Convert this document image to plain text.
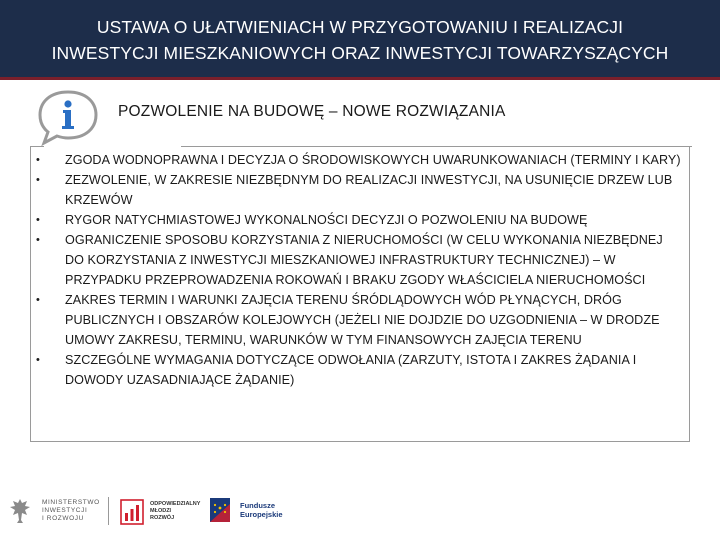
USTAWA O UŁATWIENIACH W PRZYGOTOWANIU I REALIZACJI
INWESTYCJI MIESZKANIOWYCH ORAZ INWESTYCJI TOWARZYSZĄCYCH
POZWOLENIE NA BUDOWĘ – NOWE ROZWIĄZANIA
• ZGODA WODNOPRAWNA I DECYZJA O ŚRODOWISKOWYCH UWARUNKOWANIACH (TERMINY I KARY)
• ZEZWOLENIE, W ZAKRESIE NIEZBĘDNYM DO REALIZACJI INWESTYCJI, NA USUNIĘCIE DRZEW LUB KRZEWÓW
• RYGOR NATYCHMIASTOWEJ WYKONALNOŚCI DECYZJI O POZWOLENIU NA BUDOWĘ
• OGRANICZENIE SPOSOBU KORZYSTANIA Z NIERUCHOMOŚCI (W CELU WYKONANIA NIEZBĘDNEJ DO KORZYSTANIA Z INWESTYCJI MIESZKANIOWEJ INFRASTRUKTURY TECHNICZNEJ) – W PRZYPADKU PRZEPROWADZENIA ROKOWAŃ I BRAKU ZGODY WŁAŚCICIELA NIERUCHOMOŚCI
• ZAKRES TERMIN I WARUNKI ZAJĘCIA TERENU ŚRÓDLĄDOWYCH WÓD PŁYNĄCYCH, DRÓG PUBLICZNYCH I OBSZARÓW KOLEJOWYCH (JEŻELI NIE DOJDZIE DO UZGODNIENIA – W DRODZE UMOWY ZAKRESU, TERMINU, WARUNKÓW W TYM FINANSOWYCH ZAJĘCIA TERENU
• SZCZEGÓLNE WYMAGANIA DOTYCZĄCE ODWOŁANIA (ZARZUTY, ISTOTA I ZAKRES ŻĄDANIA I DOWODY UZASADNIAJĄCE ŻĄDANIE)
MINISTERSTWO
INWESTYCJI
I ROZWOJU
ODPOWIEDZIALNY
MŁODZI
ROZWÓJ
Fundusze
Europejskie
